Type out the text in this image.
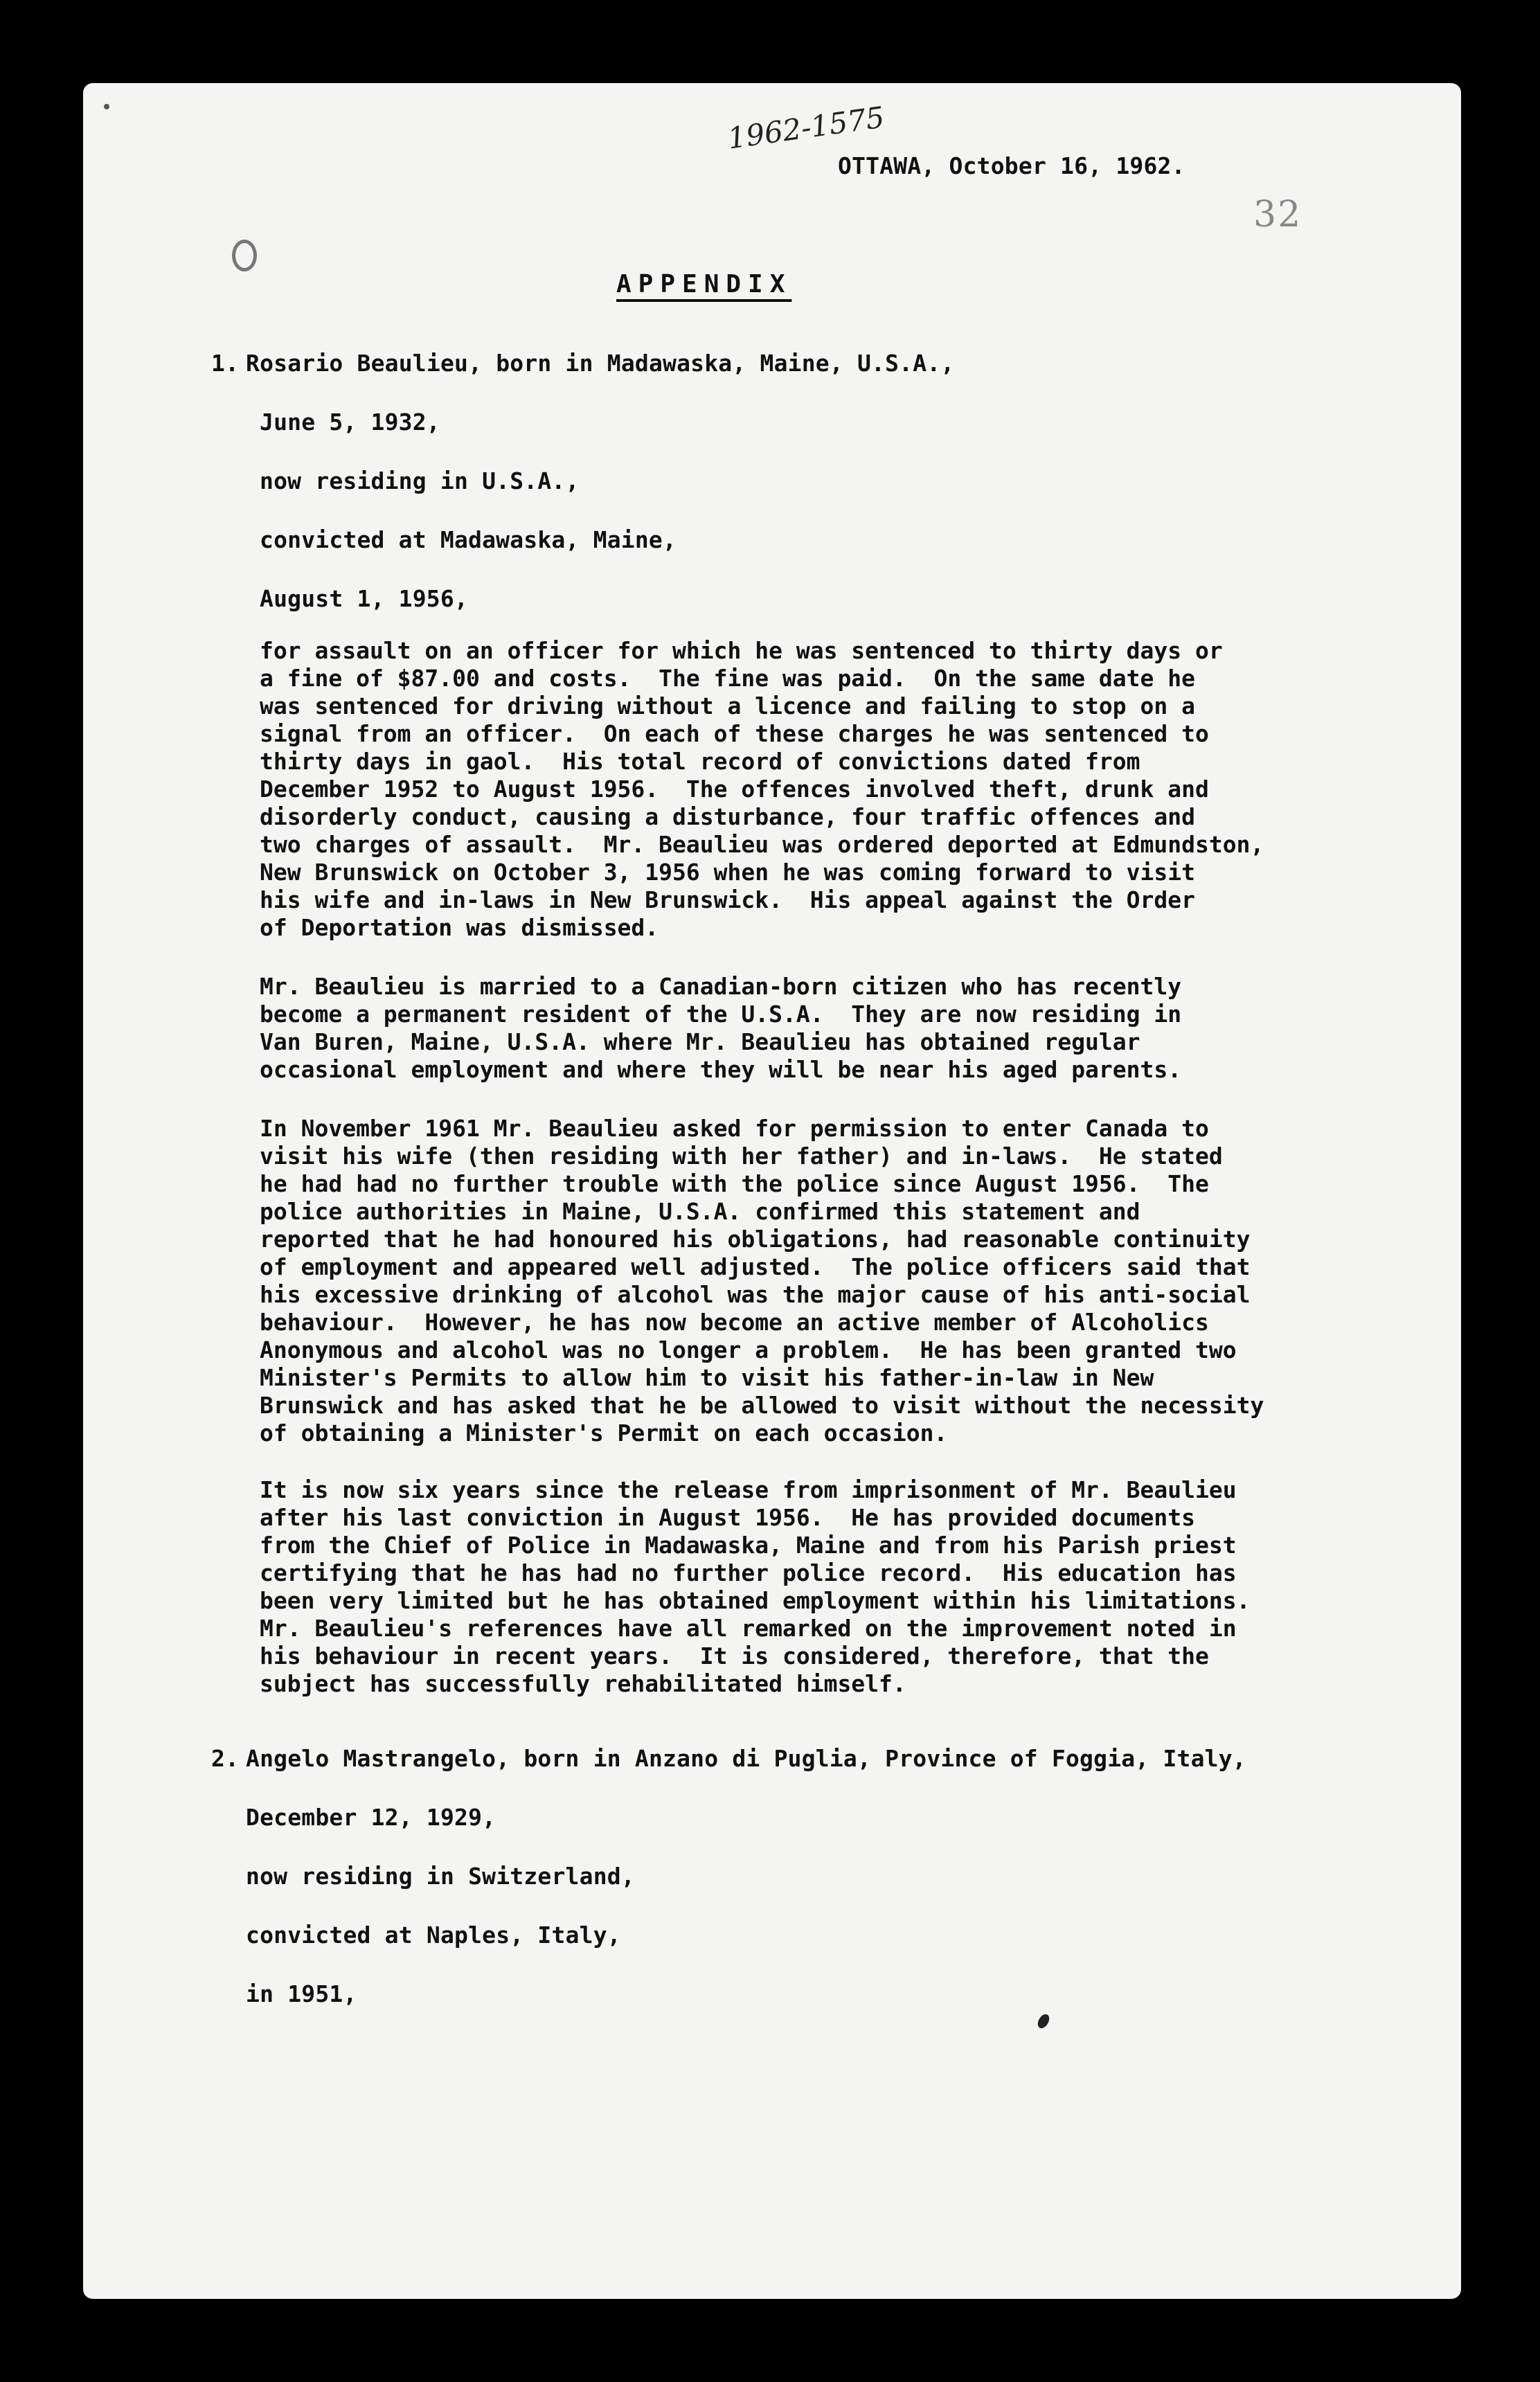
1962-1575
OTTAWA, October 16, 1962.
32
APPENDIX
1. Rosario Beaulieu, born in Madawaska, Maine, U.S.A.,
June 5, 1932,
now residing in U.S.A.,
convicted at Madawaska, Maine,
August 1, 1956,
for assault on an officer for which he was sentenced to thirty days or
a fine of $87.00 and costs.  The fine was paid.  On the same date he
was sentenced for driving without a licence and failing to stop on a
signal from an officer.  On each of these charges he was sentenced to
thirty days in gaol.  His total record of convictions dated from
December 1952 to August 1956.  The offences involved theft, drunk and
disorderly conduct, causing a disturbance, four traffic offences and
two charges of assault.  Mr. Beaulieu was ordered deported at Edmundston,
New Brunswick on October 3, 1956 when he was coming forward to visit
his wife and in-laws in New Brunswick.  His appeal against the Order
of Deportation was dismissed.
Mr. Beaulieu is married to a Canadian-born citizen who has recently
become a permanent resident of the U.S.A.  They are now residing in
Van Buren, Maine, U.S.A. where Mr. Beaulieu has obtained regular
occasional employment and where they will be near his aged parents.
In November 1961 Mr. Beaulieu asked for permission to enter Canada to
visit his wife (then residing with her father) and in-laws.  He stated
he had had no further trouble with the police since August 1956.  The
police authorities in Maine, U.S.A. confirmed this statement and
reported that he had honoured his obligations, had reasonable continuity
of employment and appeared well adjusted.  The police officers said that
his excessive drinking of alcohol was the major cause of his anti-social
behaviour.  However, he has now become an active member of Alcoholics
Anonymous and alcohol was no longer a problem.  He has been granted two
Minister's Permits to allow him to visit his father-in-law in New
Brunswick and has asked that he be allowed to visit without the necessity
of obtaining a Minister's Permit on each occasion.
It is now six years since the release from imprisonment of Mr. Beaulieu
after his last conviction in August 1956.  He has provided documents
from the Chief of Police in Madawaska, Maine and from his Parish priest
certifying that he has had no further police record.  His education has
been very limited but he has obtained employment within his limitations.
Mr. Beaulieu's references have all remarked on the improvement noted in
his behaviour in recent years.  It is considered, therefore, that the
subject has successfully rehabilitated himself.
2. Angelo Mastrangelo, born in Anzano di Puglia, Province of Foggia, Italy,
December 12, 1929,
now residing in Switzerland,
convicted at Naples, Italy,
in 1951,
